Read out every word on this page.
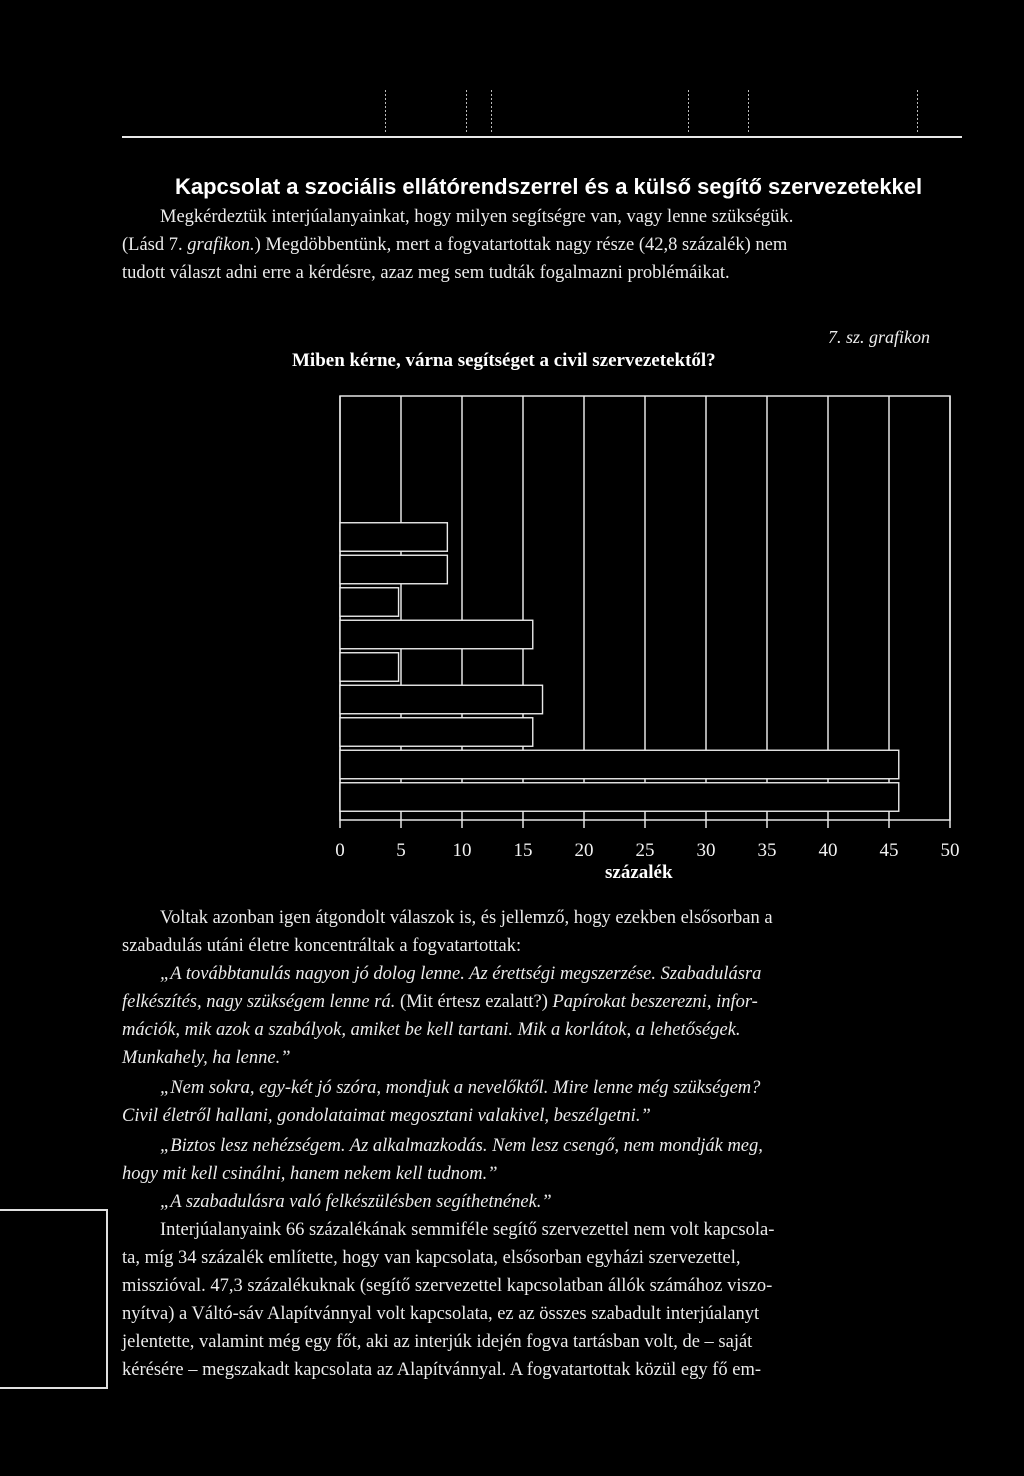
Kapcsolat a szociális ellátórendszerrel és a külső segítő szervezetekkel
Megkérdeztük interjúalanyainkat, hogy milyen segítségre van, vagy lenne szükségük.
(Lásd 7. grafikon.) Megdöbbentünk, mert a fogvatartottak nagy része (42,8 százalék) nem
tudott választ adni erre a kérdésre, azaz meg sem tudták fogalmazni problémáikat.
7. sz. grafikon
Miben kérne, várna segítséget a civil szervezetektől?
0	5 10 15 20 25 30 35 40 45 50
százalék
Voltak azonban igen átgondolt válaszok is, és jellemző, hogy ezekben elsősorban a
szabadulás utáni életre koncentráltak a fogvatartottak:
„A továbbtanulás nagyon jó dolog lenne. Az érettségi megszerzése. Szabadulásra
felkészítés, nagy szükségem lenne rá. (Mit értesz ezalatt?) Papírokat beszerezni, infor-
mációk, mik azok a szabályok, amiket be kell tartani. Mik a korlátok, a lehetőségek.
Munkahely, ha lenne.”
„Nem sokra, egy-két jó szóra, mondjuk a nevelőktől. Mire lenne még szükségem?
Civil életről hallani, gondolataimat megosztani valakivel, beszélgetni.”
„Biztos lesz nehézségem. Az alkalmazkodás. Nem lesz csengő, nem mondják meg,
hogy mit kell csinálni, hanem nekem kell tudnom.”
„A szabadulásra való felkészülésben segíthetnének.”
Interjúalanyaink 66 százalékának semmiféle segítő szervezettel nem volt kapcsola-
ta, míg 34 százalék említette, hogy van kapcsolata, elsősorban egyházi szervezettel,
misszióval. 47,3 százalékuknak (segítő szervezettel kapcsolatban állók számához viszo-
nyítva) a Váltó-sáv Alapítvánnyal volt kapcsolata, ez az összes szabadult interjúalanyt
jelentette, valamint még egy főt, aki az interjúk idején fogva tartásban volt, de – saját
kérésére – megszakadt kapcsolata az Alapítvánnyal. A fogvatartottak közül egy fő em-
